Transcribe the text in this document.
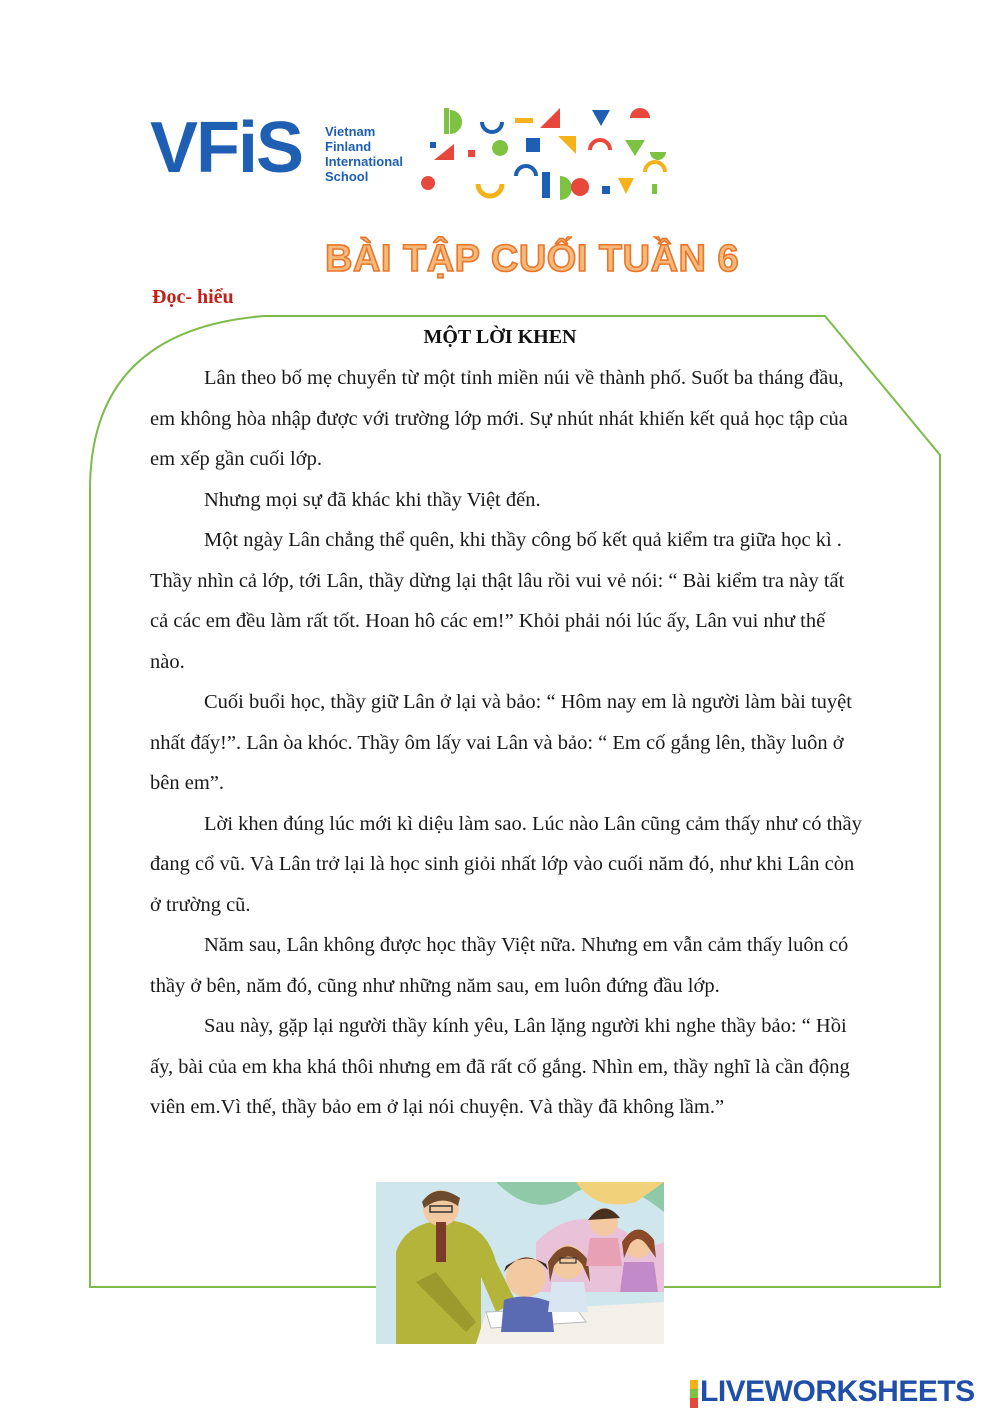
VFiS Vietnam
Finland
International
School
BÀI TẬP CUỐI TUẦN 6
Đọc- hiểu
MỘT LỜI KHEN

Lân theo bố mẹ chuyển từ một tỉnh miền núi về thành phố. Suốt ba tháng đầu, em không hòa nhập được với trường lớp mới. Sự nhút nhát khiến kết quả học tập của em xếp gần cuối lớp.

Nhưng mọi sự đã khác khi thầy Việt đến.

Một ngày Lân chẳng thể quên, khi thầy công bố kết quả kiểm tra giữa học kì . Thầy nhìn cả lớp, tới Lân, thầy dừng lại thật lâu rồi vui vẻ nói: “ Bài kiểm tra này tất cả các em đều làm rất tốt. Hoan hô các em!” Khỏi phải nói lúc ấy, Lân vui như thế nào.

Cuối buổi học, thầy giữ Lân ở lại và bảo: “ Hôm nay em là người làm bài tuyệt nhất đấy!”. Lân òa khóc. Thầy ôm lấy vai Lân và bảo: “ Em cố gắng lên, thầy luôn ở bên em”.

Lời khen đúng lúc mới kì diệu làm sao. Lúc nào Lân cũng cảm thấy như có thầy đang cổ vũ. Và Lân trở lại là học sinh giỏi nhất lớp vào cuối năm đó, như khi Lân còn ở trường cũ.

Năm sau, Lân không được học thầy Việt nữa. Nhưng em vẫn cảm thấy luôn có thầy ở bên, năm đó, cũng như những năm sau, em luôn đứng đầu lớp.

Sau này, gặp lại người thầy kính yêu, Lân lặng người khi nghe thầy bảo: “ Hồi ấy, bài của em kha khá thôi nhưng em đã rất cố gắng. Nhìn em, thầy nghĩ là cần động viên em.Vì thế, thầy bảo em ở lại nói chuyện. Và thầy đã không lầm.”

LIVEWORKSHEETS
